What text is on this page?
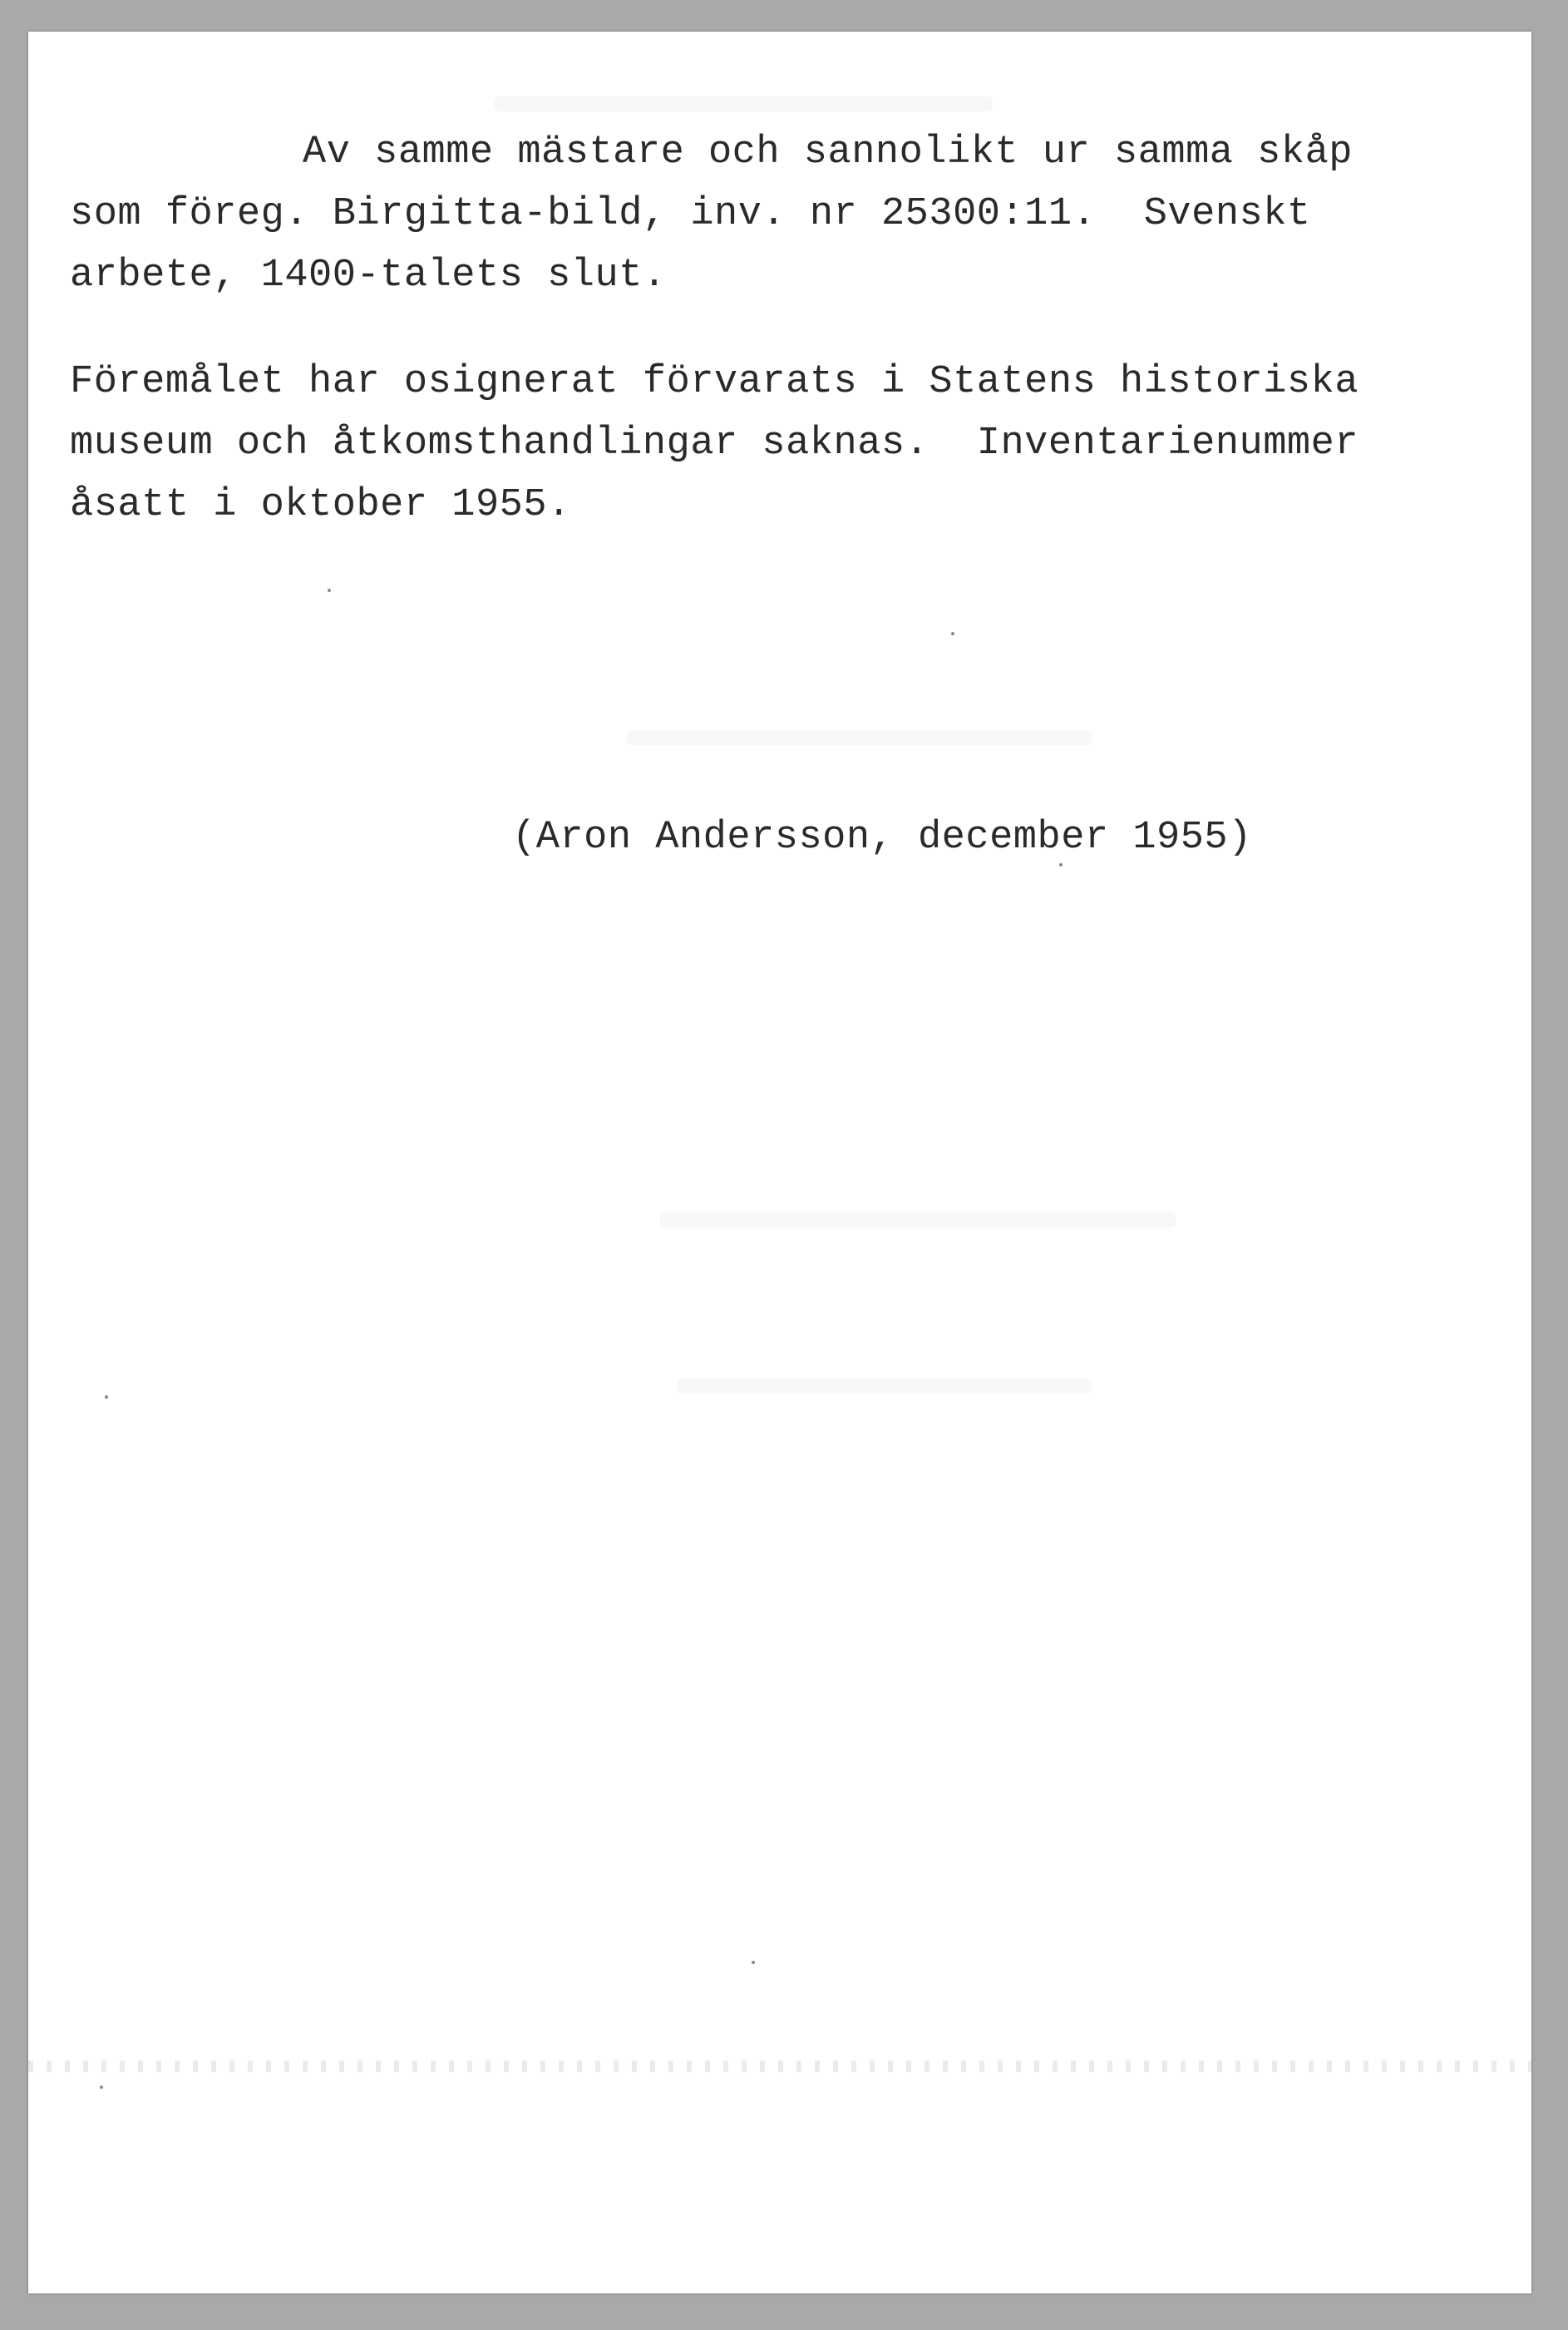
Av samme mästare och sannolikt ur samma skåp
som föreg. Birgitta-bild, inv. nr 25300:11.  Svenskt
arbete, 1400-talets slut.
Föremålet har osignerat förvarats i Statens historiska
museum och åtkomsthandlingar saknas.  Inventarienummer
åsatt i oktober 1955.
(Aron Andersson, december 1955)
